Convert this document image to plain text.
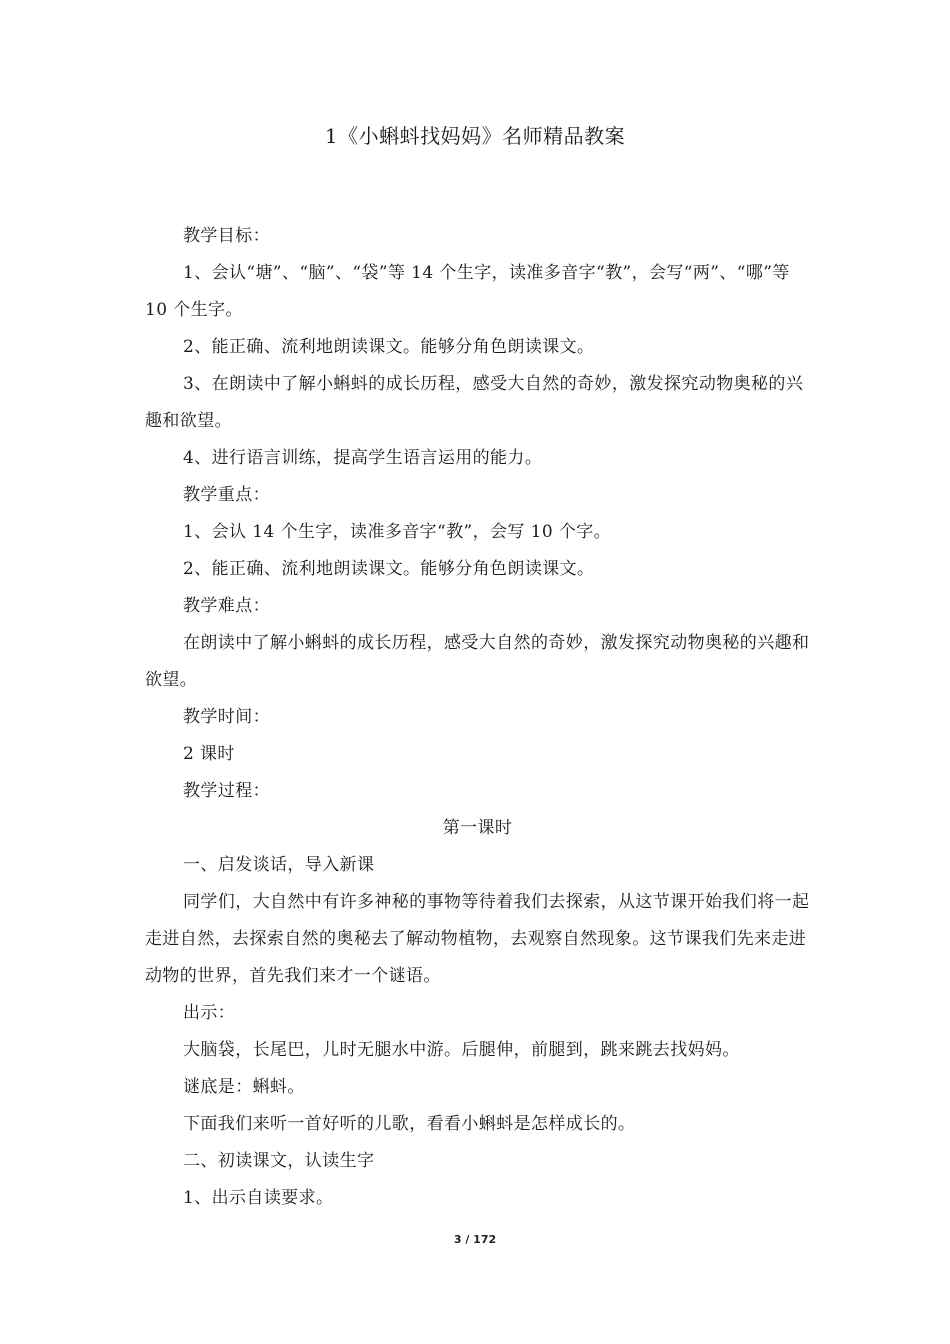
1《小蝌蚪找妈妈》名师精品教案

教学目标：

1、会认“塘”、“脑”、“袋”等 14 个生字，读准多音字“教”，会写“两”、“哪”等 10 个生字。

2、能正确、流利地朗读课文。能够分角色朗读课文。

3、在朗读中了解小蝌蚪的成长历程，感受大自然的奇妙，激发探究动物奥秘的兴趣和欲望。

4、进行语言训练，提高学生语言运用的能力。

教学重点：

1、会认 14 个生字，读准多音字“教”，会写 10 个字。

2、能正确、流利地朗读课文。能够分角色朗读课文。

教学难点：

在朗读中了解小蝌蚪的成长历程，感受大自然的奇妙，激发探究动物奥秘的兴趣和欲望。

教学时间：

2 课时

教学过程：

第一课时

一、启发谈话，导入新课

同学们，大自然中有许多神秘的事物等待着我们去探索，从这节课开始我们将一起走进自然，去探索自然的奥秘去了解动物植物，去观察自然现象。这节课我们先来走进动物的世界，首先我们来才一个谜语。

出示：

大脑袋，长尾巴，儿时无腿水中游。后腿伸，前腿到，跳来跳去找妈妈。

谜底是：蝌蚪。

下面我们来听一首好听的儿歌，看看小蝌蚪是怎样成长的。

二、初读课文，认读生字

1、出示自读要求。

3 / 172
